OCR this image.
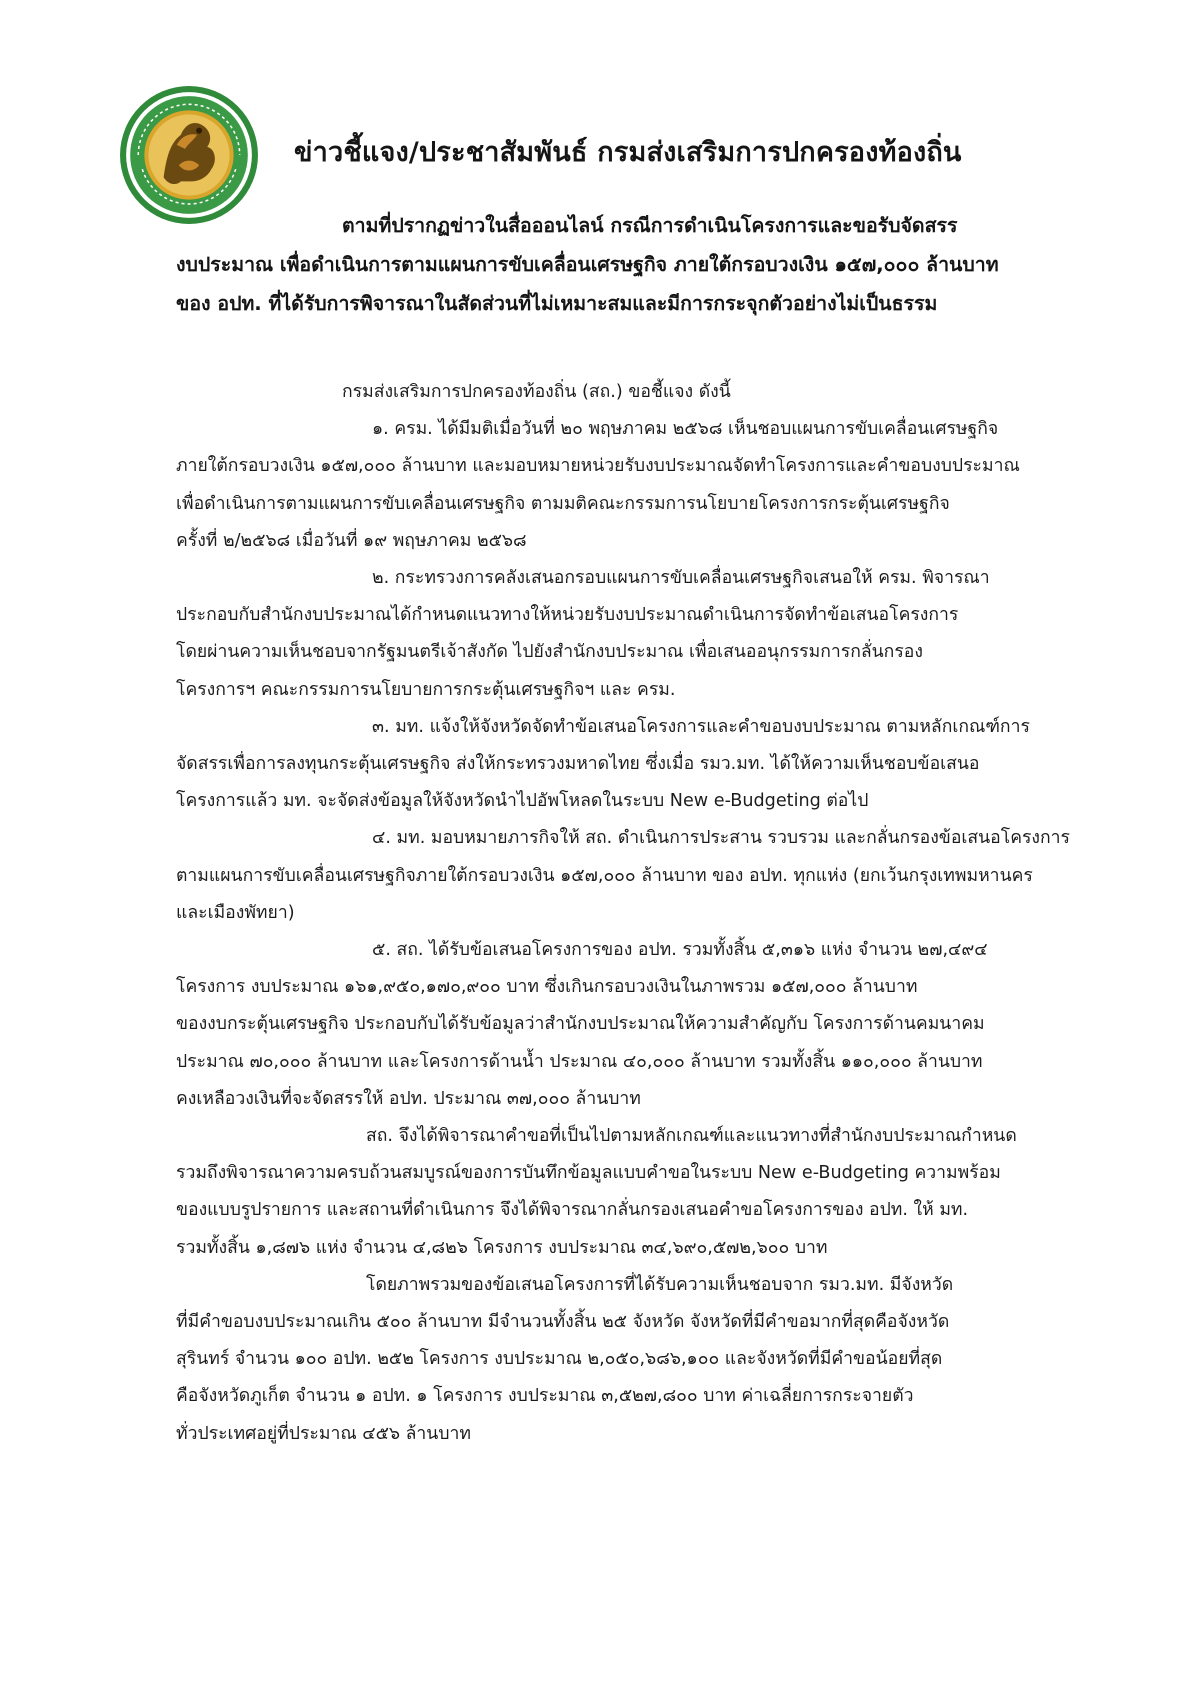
ข่าวชี้แจง/ประชาสัมพันธ์ กรมส่งเสริมการปกครองท้องถิ่น
ตามที่ปรากฏข่าวในสื่อออนไลน์ กรณีการดำเนินโครงการและขอรับจัดสรร
งบประมาณ เพื่อดำเนินการตามแผนการขับเคลื่อนเศรษฐกิจ ภายใต้กรอบวงเงิน ๑๕๗,๐๐๐ ล้านบาท
ของ อปท. ที่ได้รับการพิจารณาในสัดส่วนที่ไม่เหมาะสมและมีการกระจุกตัวอย่างไม่เป็นธรรม
กรมส่งเสริมการปกครองท้องถิ่น (สถ.) ขอชี้แจง ดังนี้
๑. ครม. ได้มีมติเมื่อวันที่ ๒๐ พฤษภาคม ๒๕๖๘ เห็นชอบแผนการขับเคลื่อนเศรษฐกิจ
ภายใต้กรอบวงเงิน ๑๕๗,๐๐๐ ล้านบาท และมอบหมายหน่วยรับงบประมาณจัดทำโครงการและคำขอบงบประมาณ
เพื่อดำเนินการตามแผนการขับเคลื่อนเศรษฐกิจ ตามมติคณะกรรมการนโยบายโครงการกระตุ้นเศรษฐกิจ
ครั้งที่ ๒/๒๕๖๘ เมื่อวันที่ ๑๙ พฤษภาคม ๒๕๖๘
๒. กระทรวงการคลังเสนอกรอบแผนการขับเคลื่อนเศรษฐกิจเสนอให้ ครม. พิจารณา
ประกอบกับสำนักงบประมาณได้กำหนดแนวทางให้หน่วยรับงบประมาณดำเนินการจัดทำข้อเสนอโครงการ
โดยผ่านความเห็นชอบจากรัฐมนตรีเจ้าสังกัด ไปยังสำนักงบประมาณ เพื่อเสนออนุกรรมการกลั่นกรอง
โครงการฯ คณะกรรมการนโยบายการกระตุ้นเศรษฐกิจฯ และ ครม.
๓. มท. แจ้งให้จังหวัดจัดทำข้อเสนอโครงการและคำขอบงบประมาณ ตามหลักเกณฑ์การ
จัดสรรเพื่อการลงทุนกระตุ้นเศรษฐกิจ ส่งให้กระทรวงมหาดไทย ซึ่งเมื่อ รมว.มท. ได้ให้ความเห็นชอบข้อเสนอ
โครงการแล้ว มท. จะจัดส่งข้อมูลให้จังหวัดนำไปอัพโหลดในระบบ New e-Budgeting ต่อไป
๔. มท. มอบหมายภารกิจให้ สถ. ดำเนินการประสาน รวบรวม และกลั่นกรองข้อเสนอโครงการ
ตามแผนการขับเคลื่อนเศรษฐกิจภายใต้กรอบวงเงิน ๑๕๗,๐๐๐ ล้านบาท ของ อปท. ทุกแห่ง (ยกเว้นกรุงเทพมหานคร
และเมืองพัทยา)
๕. สถ. ได้รับข้อเสนอโครงการของ อปท. รวมทั้งสิ้น ๕,๓๑๖ แห่ง จำนวน ๒๗,๔๙๔
โครงการ งบประมาณ ๑๖๑,๙๕๐,๑๗๐,๙๐๐ บาท ซึ่งเกินกรอบวงเงินในภาพรวม ๑๕๗,๐๐๐ ล้านบาท
ของงบกระตุ้นเศรษฐกิจ ประกอบกับได้รับข้อมูลว่าสำนักงบประมาณให้ความสำคัญกับ โครงการด้านคมนาคม
ประมาณ ๗๐,๐๐๐ ล้านบาท และโครงการด้านน้ำ ประมาณ ๔๐,๐๐๐ ล้านบาท รวมทั้งสิ้น ๑๑๐,๐๐๐ ล้านบาท
คงเหลือวงเงินที่จะจัดสรรให้ อปท. ประมาณ ๓๗,๐๐๐ ล้านบาท
สถ. จึงได้พิจารณาคำขอที่เป็นไปตามหลักเกณฑ์และแนวทางที่สำนักงบประมาณกำหนด
รวมถึงพิจารณาความครบถ้วนสมบูรณ์ของการบันทึกข้อมูลแบบคำขอในระบบ New e-Budgeting ความพร้อม
ของแบบรูปรายการ และสถานที่ดำเนินการ จึงได้พิจารณากลั่นกรองเสนอคำขอโครงการของ อปท. ให้ มท.
รวมทั้งสิ้น ๑,๘๗๖ แห่ง จำนวน ๔,๘๒๖ โครงการ งบประมาณ ๓๔,๖๙๐,๕๗๒,๖๐๐ บาท
โดยภาพรวมของข้อเสนอโครงการที่ได้รับความเห็นชอบจาก รมว.มท. มีจังหวัด
ที่มีคำขอบงบประมาณเกิน ๕๐๐ ล้านบาท มีจำนวนทั้งสิ้น ๒๕ จังหวัด จังหวัดที่มีคำขอมากที่สุดคือจังหวัด
สุรินทร์ จำนวน ๑๐๐ อปท. ๒๕๒ โครงการ งบประมาณ ๒,๐๕๐,๖๘๖,๑๐๐ และจังหวัดที่มีคำขอน้อยที่สุด
คือจังหวัดภูเก็ต จำนวน ๑ อปท. ๑ โครงการ งบประมาณ ๓,๕๒๗,๘๐๐ บาท ค่าเฉลี่ยการกระจายตัว
ทั่วประเทศอยู่ที่ประมาณ ๔๕๖ ล้านบาท
